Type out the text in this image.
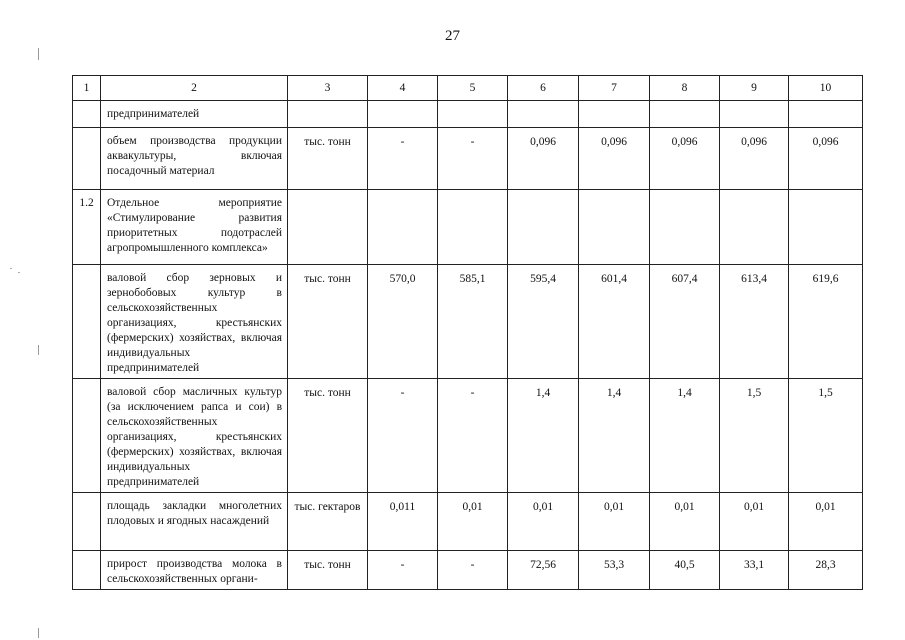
27
1	2	3	4	5	6	7	8	9	10
	предпринимателей								
	объем производства продукции аквакультуры, включая посадочный материал	тыс. тонн	-	-	0,096	0,096	0,096	0,096	0,096
1.2	Отдельное мероприятие «Стимулирование развития приоритетных подотраслей агропромышленного комплекса»								
	валовой сбор зерновых и зернобобовых культур в сельскохозяйственных организациях, крестьянских (фермерских) хозяйствах, включая индивидуальных предпринимателей	тыс. тонн	570,0	585,1	595,4	601,4	607,4	613,4	619,6
	валовой сбор масличных культур (за исключением рапса и сои) в сельскохозяйственных организациях, крестьянских (фермерских) хозяйствах, включая индивидуальных предпринимателей	тыс. тонн	-	-	1,4	1,4	1,4	1,5	1,5
	площадь закладки многолетних плодовых и ягодных насаждений	тыс. гектаров	0,011	0,01	0,01	0,01	0,01	0,01	0,01
	прирост производства молока в сельскохозяйственных органи-	тыс. тонн	-	-	72,56	53,3	40,5	33,1	28,3
